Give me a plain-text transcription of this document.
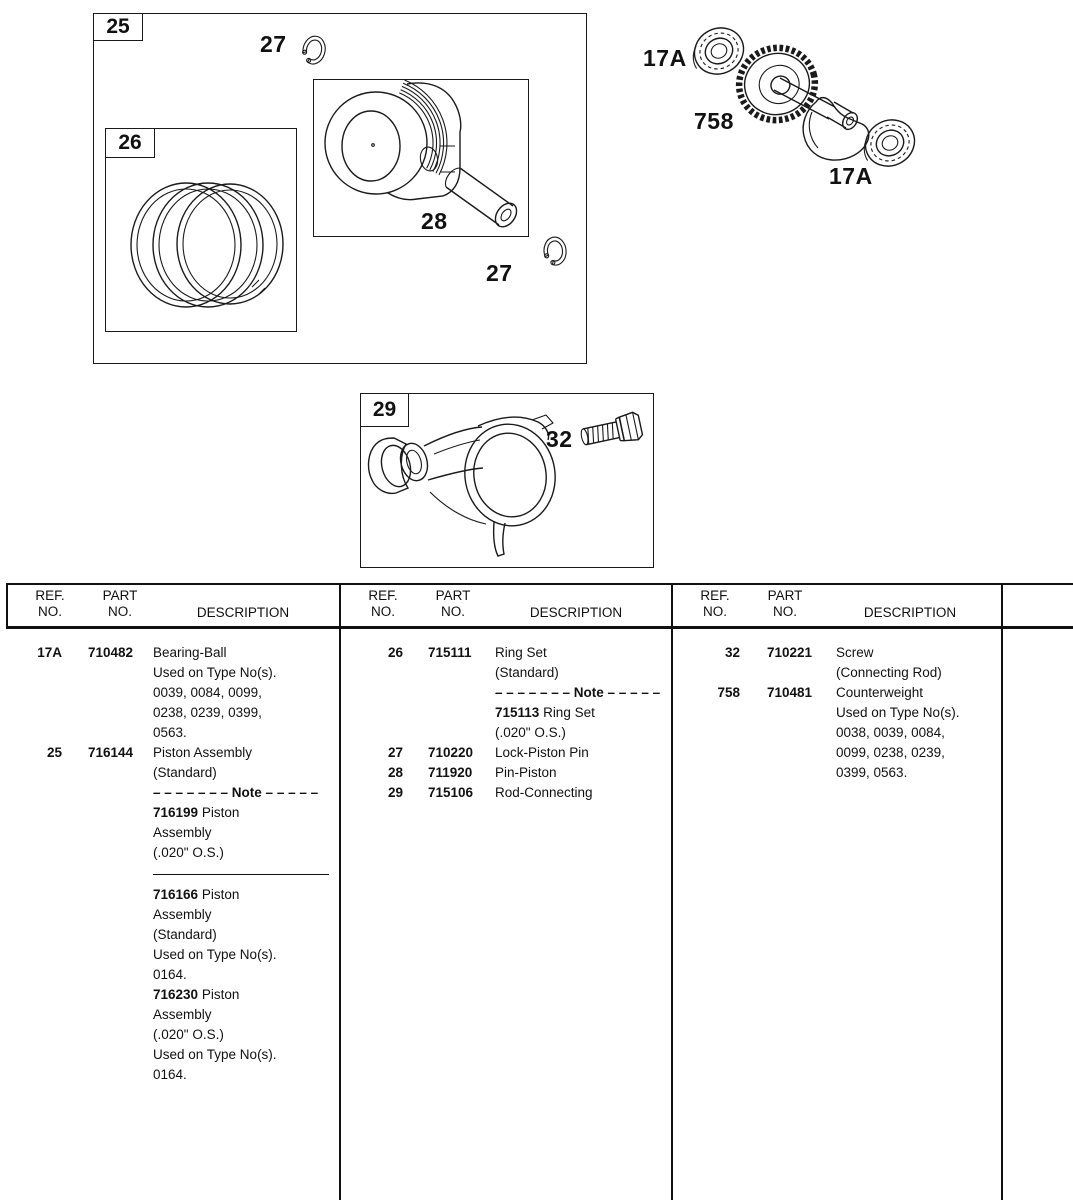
25
26
29
27
27
28
32
17A
758
17A
REF.
NO.
PART
NO.	DESCRIPTION
REF.
NO.
PART
NO.	DESCRIPTION
REF.
NO.
PART
NO.	DESCRIPTION
17A	710482	Bearing-Ball
Used on Type No(s).
0039, 0084, 0099,
0238, 0239, 0399,
0563.
25	716144	Piston Assembly
(Standard)
– – – – – – – Note – – – – –
716199 Piston
Assembly
(.020" O.S.)
716166 Piston
Assembly
(Standard)
Used on Type No(s).
0164.
716230 Piston
Assembly
(.020" O.S.)
Used on Type No(s).
0164.
26	715111	Ring Set
(Standard)
– – – – – – – Note – – – – –
715113 Ring Set
(.020" O.S.)
27	710220	Lock-Piston Pin
28	711920	Pin-Piston
29	715106	Rod-Connecting
32	710221	Screw
(Connecting Rod)
758	710481	Counterweight
Used on Type No(s).
0038, 0039, 0084,
0099, 0238, 0239,
0399, 0563.
